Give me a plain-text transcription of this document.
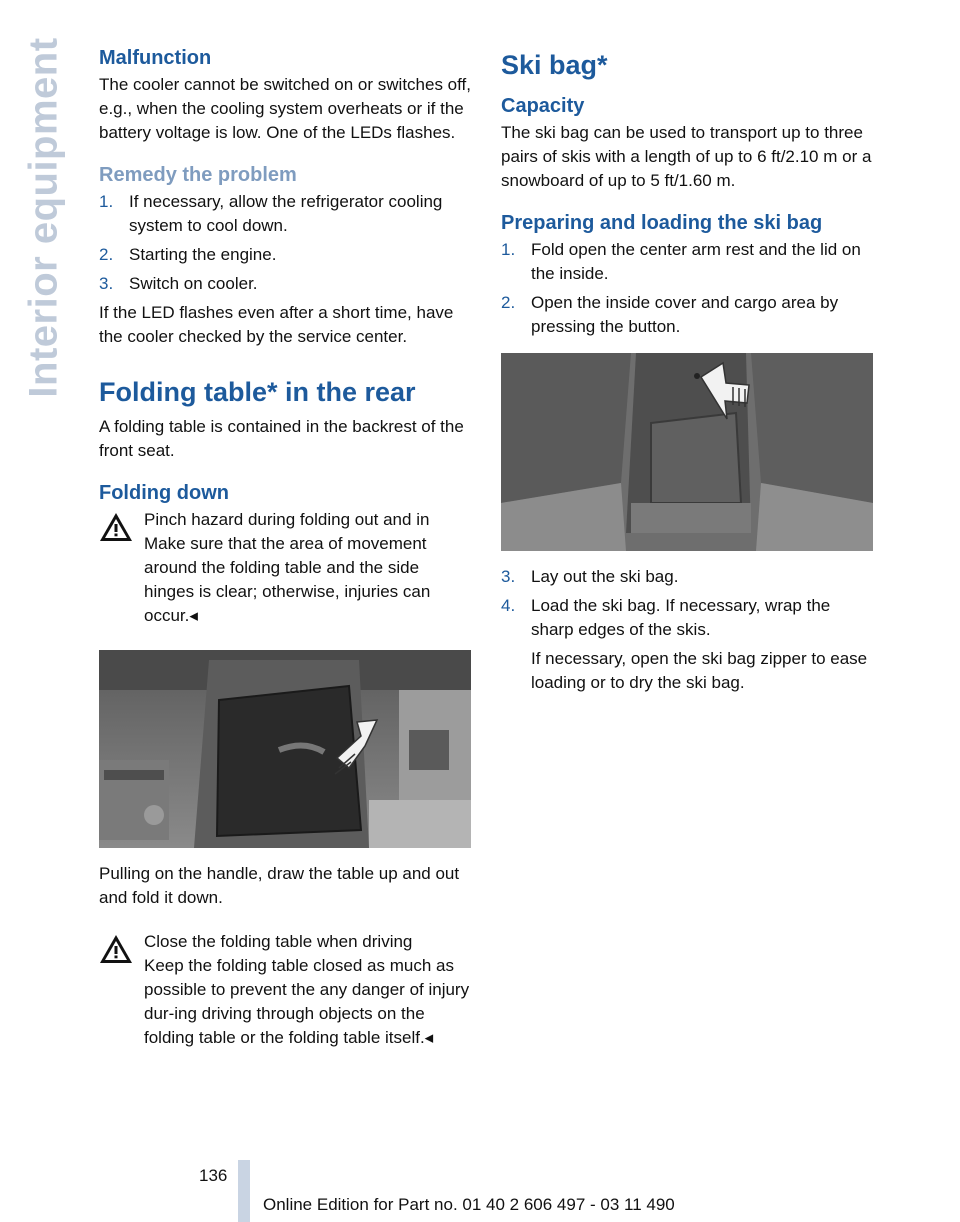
Interior equipment Malfunction

The cooler cannot be switched on or switches off, e.g., when the cooling system overheats or if the battery voltage is low. One of the LEDs flashes.

Remedy the problem
1. If necessary, allow the refrigerator cooling system to cool down.
2. Starting the engine.
3. Switch on cooler.

If the LED flashes even after a short time, have the cooler checked by the service center.

Folding table* in the rear

A folding table is contained in the backrest of the front seat.

Folding down

Pinch hazard during folding out and in

Make sure that the area of movement around the folding table and the side hinges is clear; otherwise, injuries can occur.◂

Pulling on the handle, draw the table up and out and fold it down.

Close the folding table when driving

Keep the folding table closed as much as possible to prevent the any danger of injury dur-ing driving through objects on the folding table or the folding table itself.◂

Ski bag*
Capacity

The ski bag can be used to transport up to three pairs of skis with a length of up to 6 ft/2.10 m or a snowboard of up to 5 ft/1.60 m.

Preparing and loading the ski bag
1. Fold open the center arm rest and the lid on the inside.
2. Open the inside cover and cargo area by pressing the button.
3. Lay out the ski bag.
4. Load the ski bag. If necessary, wrap the sharp edges of the skis.

If necessary, open the ski bag zipper to ease loading or to dry the ski bag.

136
Online Edition for Part no. 01 40 2 606 497 - 03 11 490
